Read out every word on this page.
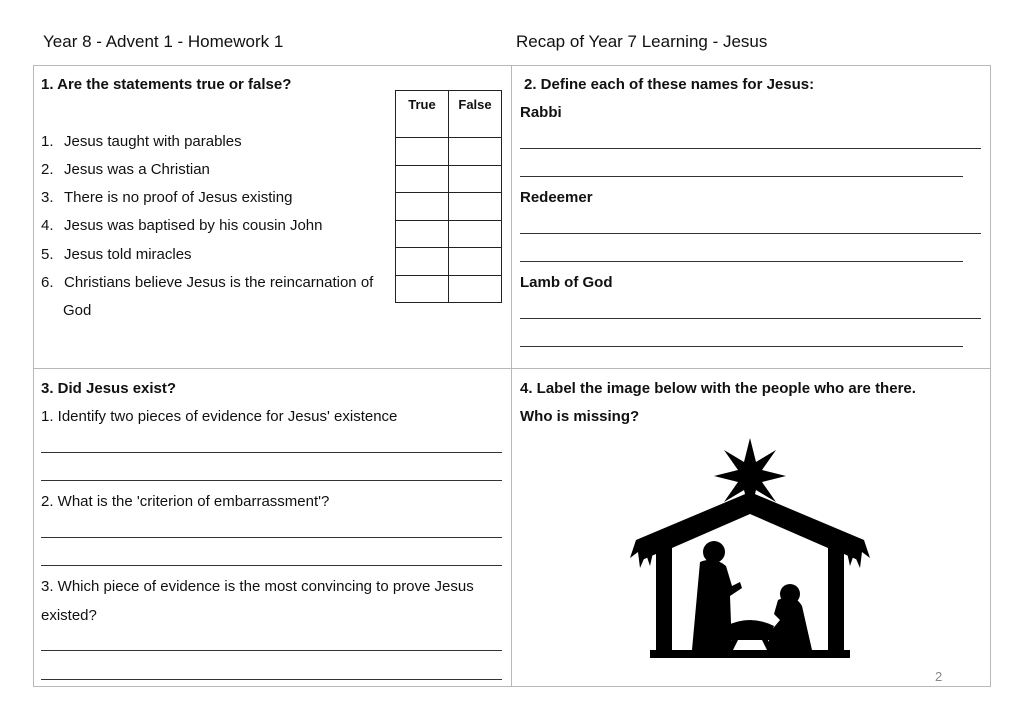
Year 8 - Advent 1 - Homework 1	Recap of Year 7 Learning - Jesus
1. Are the statements true or false?
1. Jesus taught with parables
2. Jesus was a Christian
3. There is no proof of Jesus existing
4. Jesus was baptised by his cousin John
5. Jesus told miracles
6. Christians believe Jesus is the reincarnation of
God
True	False

2. Define each of these names for Jesus:
Rabbi
Redeemer
Lamb of God
3. Did Jesus exist?
1. Identify two pieces of evidence for Jesus' existence
2. What is the 'criterion of embarrassment'?
3. Which piece of evidence is the most convincing to prove Jesus
existed?
4. Label the image below with the people who are there.
Who is missing?
2
